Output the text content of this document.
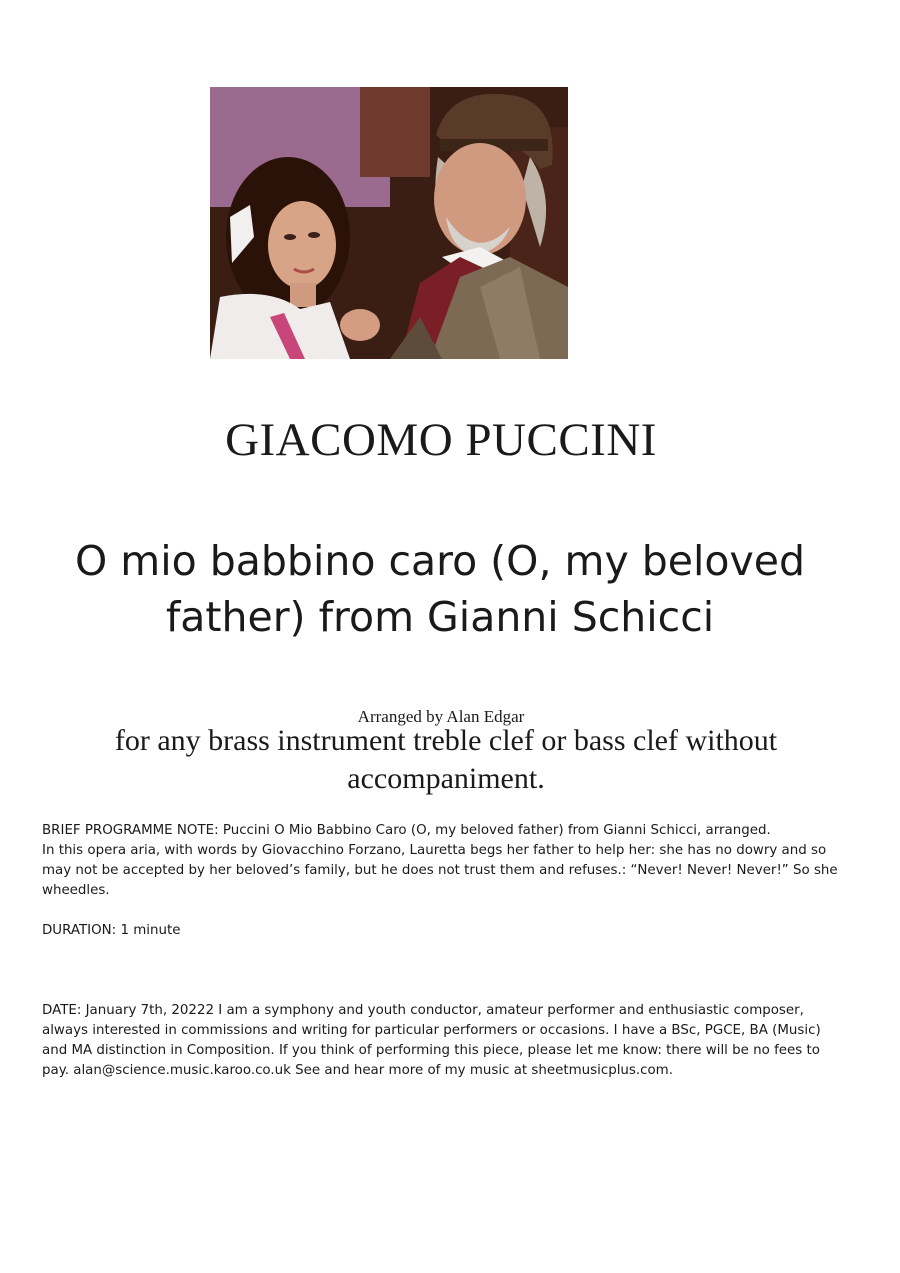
GIACOMO PUCCINI
O mio babbino caro (O, my beloved father) from Gianni Schicci
Arranged by Alan Edgar
for any brass instrument treble clef or bass clef without accompaniment.

BRIEF PROGRAMME NOTE: Puccini O Mio Babbino Caro (O, my beloved father) from Gianni Schicci, arranged.

In this opera aria, with words by Giovacchino Forzano, Lauretta begs her father to help her: she has no dowry and so may not be accepted by her beloved’s family, but he does not trust them and refuses.: “Never! Never! Never!” So she wheedles.

DURATION: 1 minute

DATE: January 7th, 20222 I am a symphony and youth conductor, amateur performer and enthusiastic composer, always interested in commissions and writing for particular performers or occasions. I have a BSc, PGCE, BA (Music) and MA distinction in Composition. If you think of performing this piece, please let me know: there will be no fees to pay. alan@science.music.karoo.co.uk See and hear more of my music at sheetmusicplus.com.
